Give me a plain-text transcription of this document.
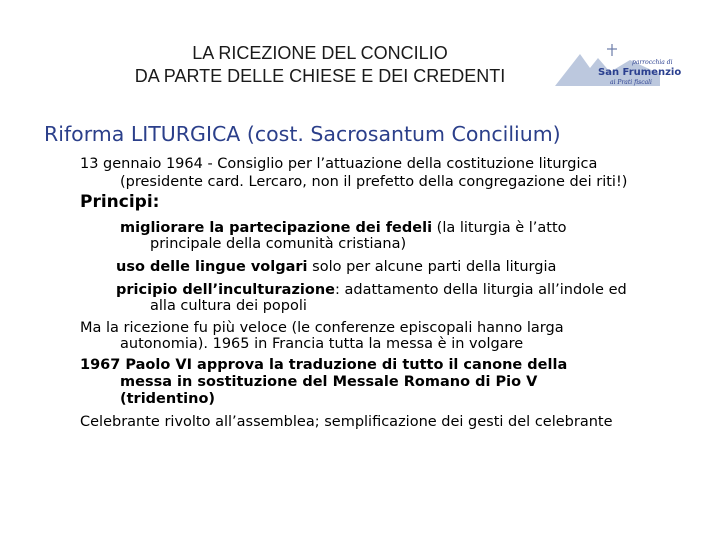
LA RICEZIONE DEL CONCILIO
DA PARTE DELLE CHIESE E DEI CREDENTI
parrocchia di
San Frumenzio
ai Prati fiscali
Riforma LITURGICA (cost. Sacrosantum Concilium)
13 gennaio 1964 - Consiglio per l’attuazione della costituzione liturgica
(presidente card. Lercaro, non il prefetto della congregazione dei riti!)
Principi:
migliorare la partecipazione dei fedeli (la liturgia è l’atto
principale della comunità cristiana)
uso delle lingue volgari solo per alcune parti della liturgia
pricipio dell’inculturazione: adattamento della liturgia all’indole ed
alla cultura dei popoli
Ma la ricezione fu più veloce (le conferenze episcopali hanno larga
autonomia). 1965 in Francia tutta la messa è in volgare
1967 Paolo VI approva la traduzione di tutto il canone della
messa in sostituzione del Messale Romano di Pio V
(tridentino)
Celebrante rivolto all’assemblea; semplificazione dei gesti del celebrante
